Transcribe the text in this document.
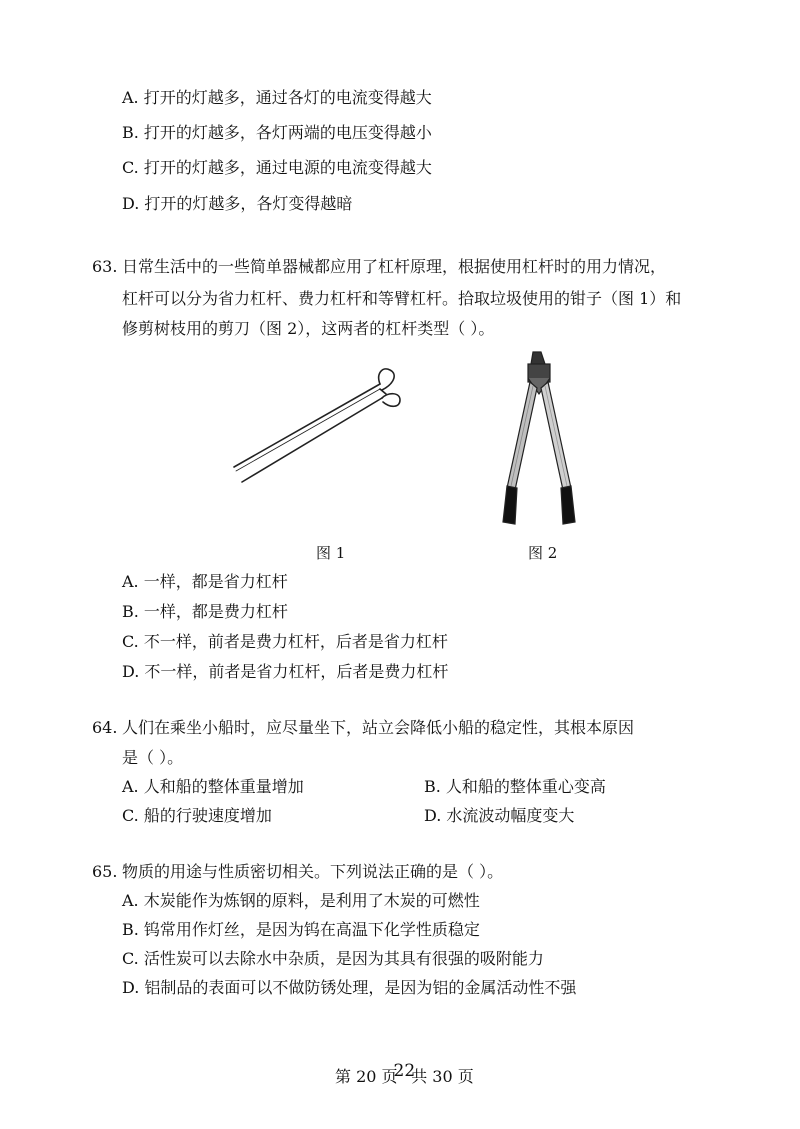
A. 打开的灯越多，通过各灯的电流变得越大
B. 打开的灯越多，各灯两端的电压变得越小
C. 打开的灯越多，通过电源的电流变得越大
D. 打开的灯越多，各灯变得越暗
63. 日常生活中的一些简单器械都应用了杠杆原理，根据使用杠杆时的用力情况，
杠杆可以分为省力杠杆、费力杠杆和等臂杠杆。拾取垃圾使用的钳子（图 1）和
修剪树枝用的剪刀（图 2），这两者的杠杆类型（ ）。
图 1	图 2
A. 一样，都是省力杠杆
B. 一样，都是费力杠杆
C. 不一样，前者是费力杠杆，后者是省力杠杆
D. 不一样，前者是省力杠杆，后者是费力杠杆
64. 人们在乘坐小船时，应尽量坐下，站立会降低小船的稳定性，其根本原因
是（ ）。
A. 人和船的整体重量增加	B. 人和船的整体重心变高
C. 船的行驶速度增加	D. 水流波动幅度变大
65. 物质的用途与性质密切相关。下列说法正确的是（ ）。
A. 木炭能作为炼钢的原料，是利用了木炭的可燃性
B. 钨常用作灯丝，是因为钨在高温下化学性质稳定
C. 活性炭可以去除水中杂质，是因为其具有很强的吸附能力
D. 铝制品的表面可以不做防锈处理，是因为铝的金属活动性不强
第 20 页22共 30 页
